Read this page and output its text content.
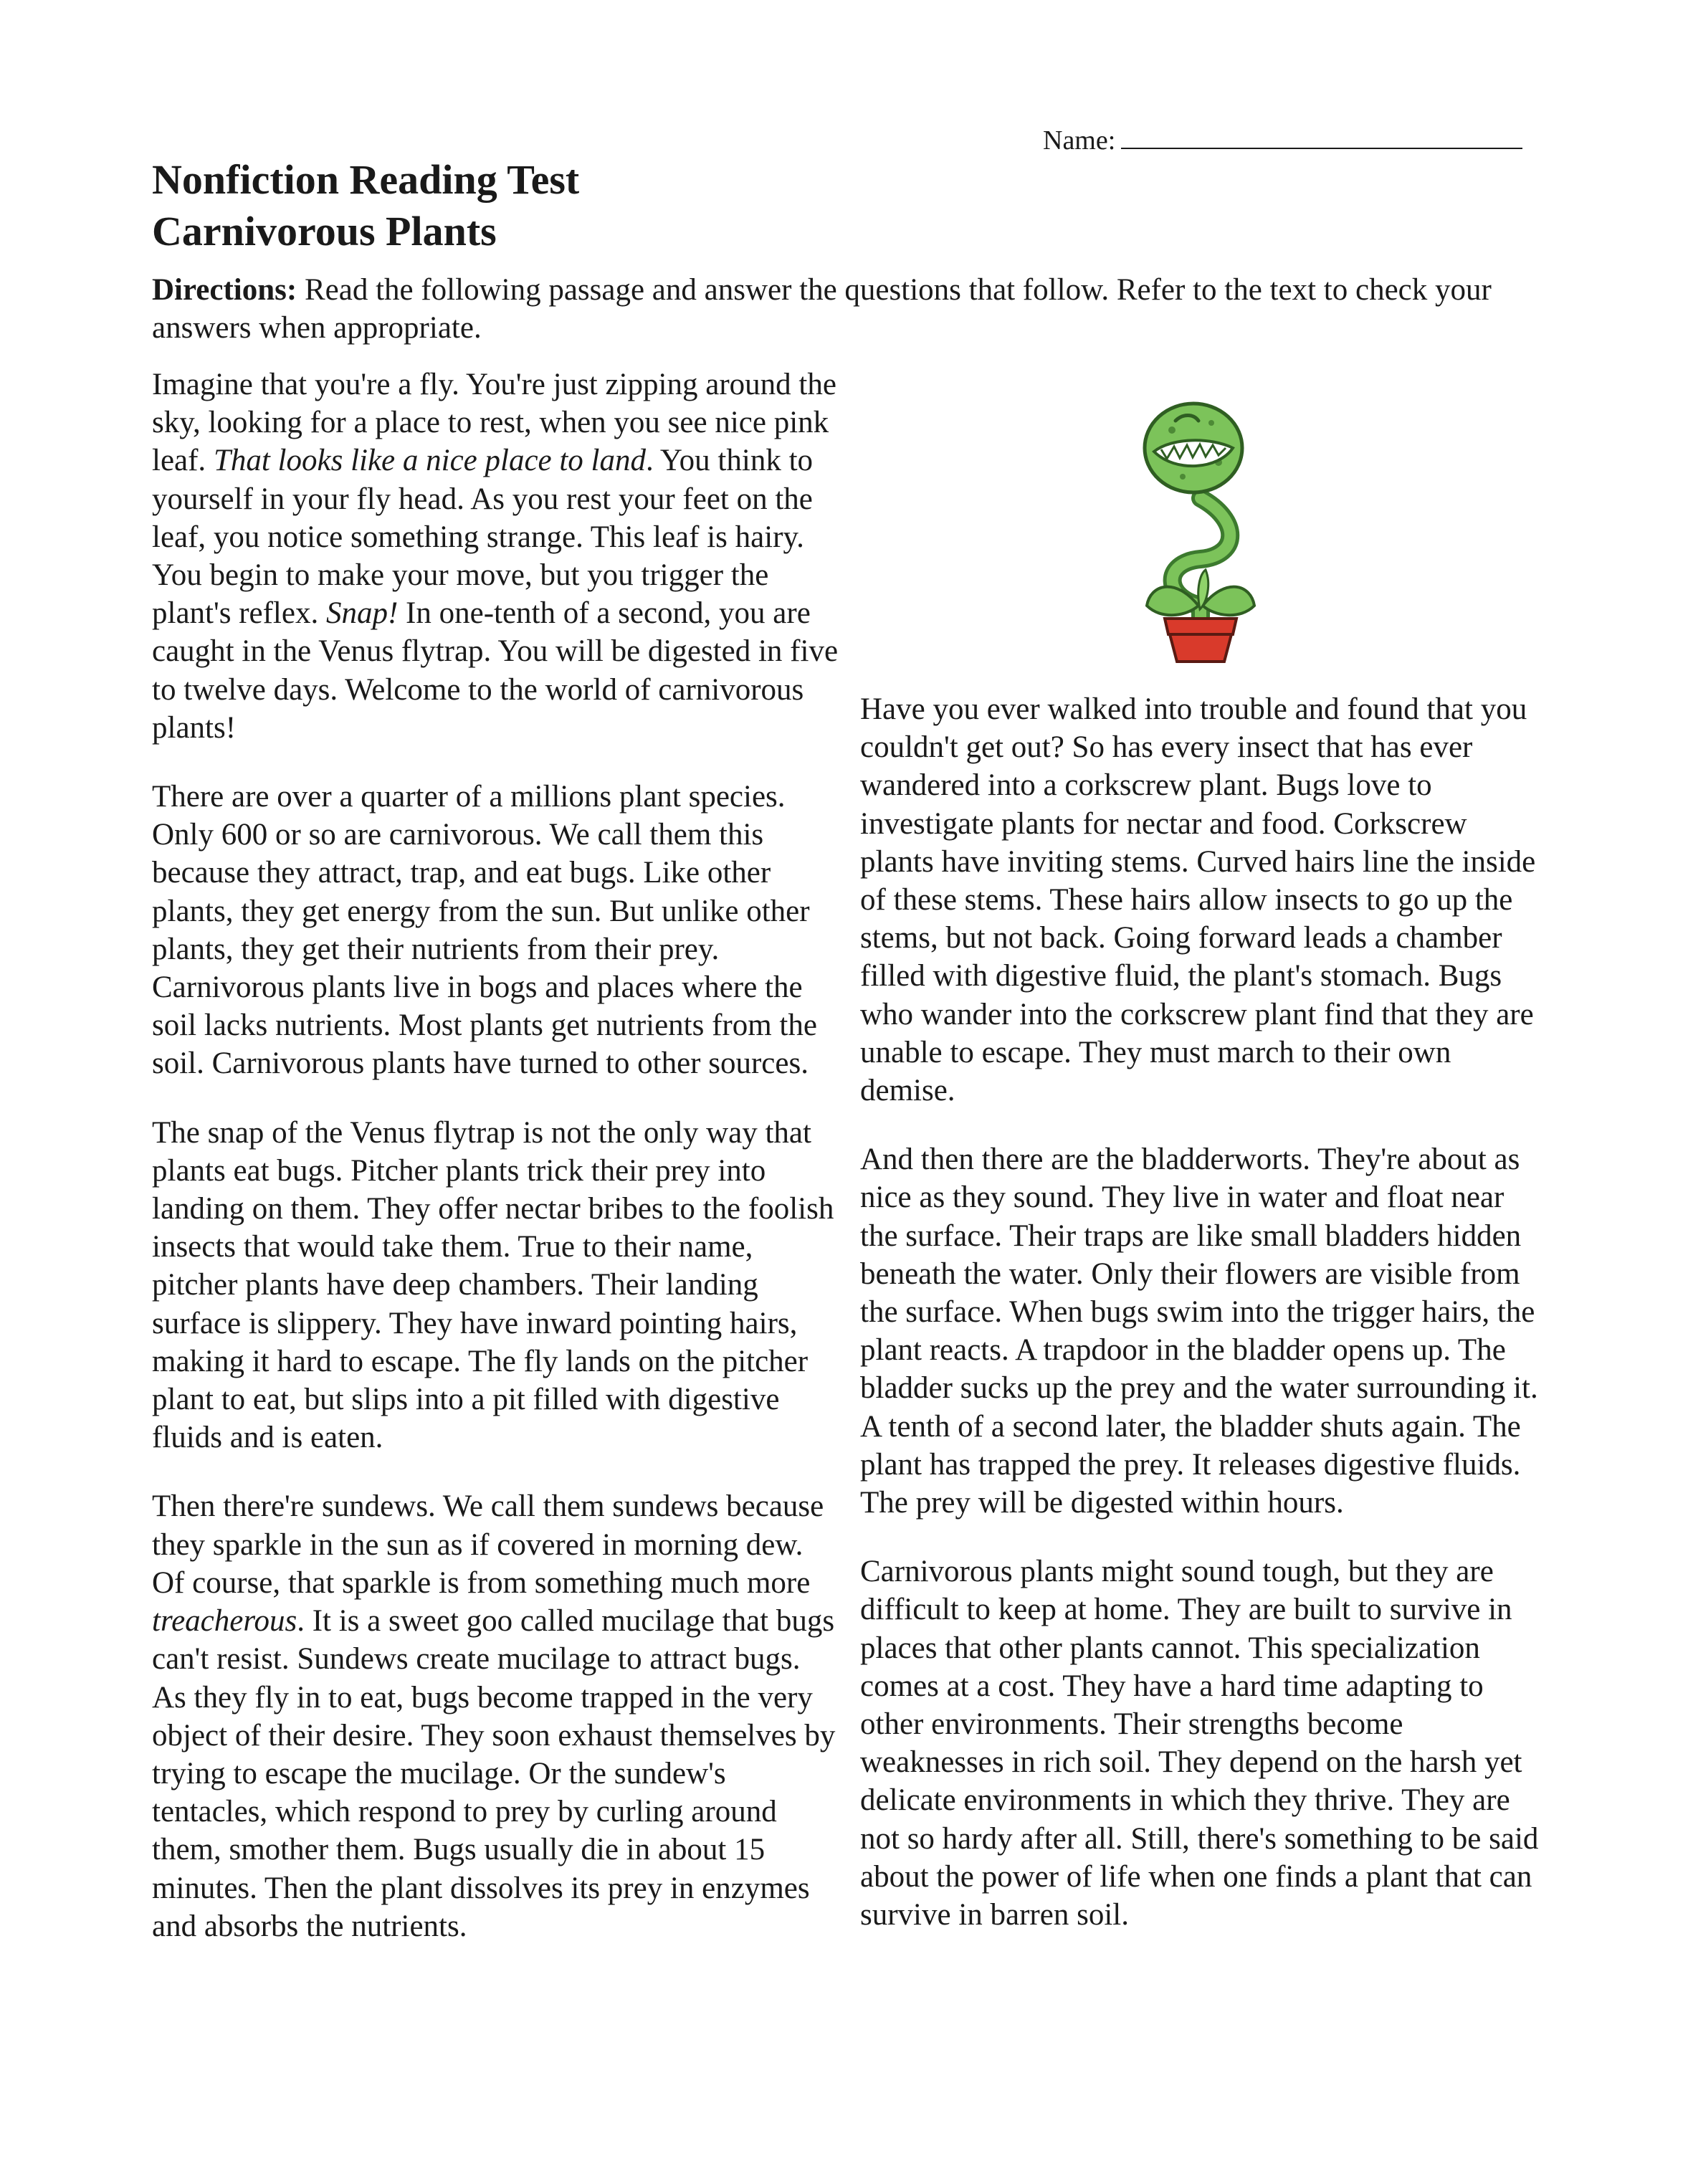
Name:
Nonfiction Reading Test
Carnivorous Plants

Directions: Read the following passage and answer the questions that follow. Refer to the text to check your answers when appropriate.

Imagine that you're a fly. You're just zipping around the sky, looking for a place to rest, when you see nice pink leaf. That looks like a nice place to land. You think to yourself in your fly head. As you rest your feet on the leaf, you notice something strange. This leaf is hairy. You begin to make your move, but you trigger the plant's reflex. Snap! In one-tenth of a second, you are caught in the Venus flytrap. You will be digested in five to twelve days. Welcome to the world of carnivorous plants!

There are over a quarter of a millions plant species. Only 600 or so are carnivorous. We call them this because they attract, trap, and eat bugs. Like other plants, they get energy from the sun. But unlike other plants, they get their nutrients from their prey. Carnivorous plants live in bogs and places where the soil lacks nutrients. Most plants get nutrients from the soil. Carnivorous plants have turned to other sources.

The snap of the Venus flytrap is not the only way that plants eat bugs. Pitcher plants trick their prey into landing on them. They offer nectar bribes to the foolish insects that would take them. True to their name, pitcher plants have deep chambers. Their landing surface is slippery. They have inward pointing hairs, making it hard to escape. The fly lands on the pitcher plant to eat, but slips into a pit filled with digestive fluids and is eaten.

Then there're sundews. We call them sundews because they sparkle in the sun as if covered in morning dew. Of course, that sparkle is from something much more treacherous. It is a sweet goo called mucilage that bugs can't resist. Sundews create mucilage to attract bugs. As they fly in to eat, bugs become trapped in the very object of their desire. They soon exhaust themselves by trying to escape the mucilage. Or the sundew's tentacles, which respond to prey by curling around them, smother them. Bugs usually die in about 15 minutes. Then the plant dissolves its prey in enzymes and absorbs the nutrients.

Have you ever walked into trouble and found that you couldn't get out? So has every insect that has ever wandered into a corkscrew plant. Bugs love to investigate plants for nectar and food. Corkscrew plants have inviting stems. Curved hairs line the inside of these stems. These hairs allow insects to go up the stems, but not back. Going forward leads a chamber filled with digestive fluid, the plant's stomach. Bugs who wander into the corkscrew plant find that they are unable to escape. They must march to their own demise.

And then there are the bladderworts. They're about as nice as they sound. They live in water and float near the surface. Their traps are like small bladders hidden beneath the water. Only their flowers are visible from the surface. When bugs swim into the trigger hairs, the plant reacts. A trapdoor in the bladder opens up. The bladder sucks up the prey and the water surrounding it. A tenth of a second later, the bladder shuts again. The plant has trapped the prey. It releases digestive fluids. The prey will be digested within hours.

Carnivorous plants might sound tough, but they are difficult to keep at home. They are built to survive in places that other plants cannot. This specialization comes at a cost. They have a hard time adapting to other environments. Their strengths become weaknesses in rich soil. They depend on the harsh yet delicate environments in which they thrive. They are not so hardy after all. Still, there's something to be said about the power of life when one finds a plant that can survive in barren soil.
